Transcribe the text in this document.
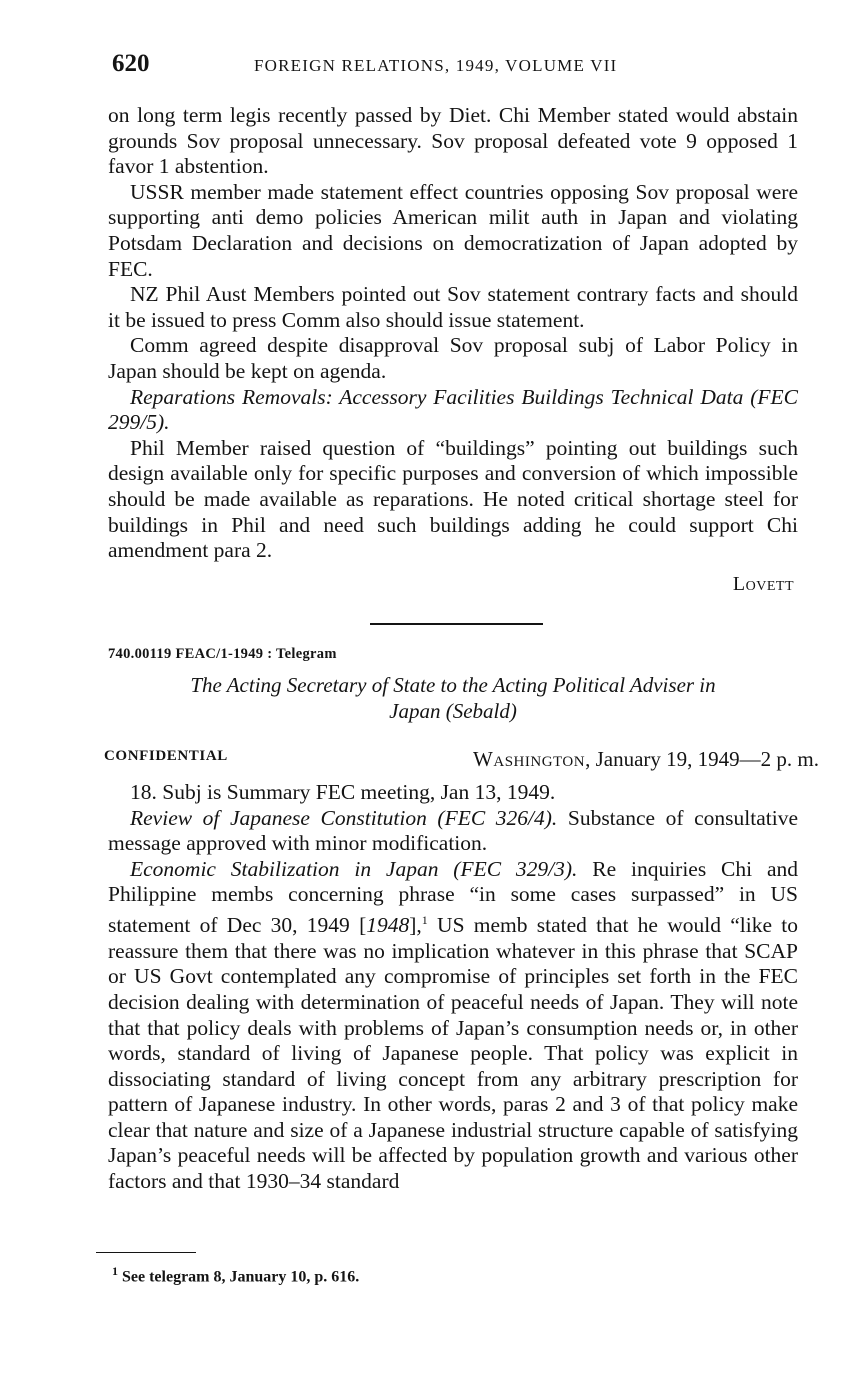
620	FOREIGN RELATIONS, 1949, VOLUME VII

on long term legis recently passed by Diet. Chi Member stated would abstain grounds Sov proposal unnecessary. Sov proposal defeated vote 9 opposed 1 favor 1 abstention.

USSR member made statement effect countries opposing Sov proposal were supporting anti demo policies American milit auth in Japan and violating Potsdam Declaration and decisions on democratization of Japan adopted by FEC.

NZ Phil Aust Members pointed out Sov statement contrary facts and should it be issued to press Comm also should issue statement.

Comm agreed despite disapproval Sov proposal subj of Labor Policy in Japan should be kept on agenda.

Reparations Removals: Accessory Facilities Buildings Technical Data (FEC 299/5).

Phil Member raised question of “buildings” pointing out buildings such design available only for specific purposes and conversion of which impossible should be made available as reparations. He noted critical shortage steel for buildings in Phil and need such buildings adding he could support Chi amendment para 2.

Lovett
740.00119 FEAC/1-1949 : Telegram
The Acting Secretary of State to the Acting Political Adviser in
Japan (Sebald)
CONFIDENTIAL	Washington, January 19, 1949—2 p. m.

18. Subj is Summary FEC meeting, Jan 13, 1949.

Review of Japanese Constitution (FEC 326/4). Substance of consultative message approved with minor modification.

Economic Stabilization in Japan (FEC 329/3). Re inquiries Chi and Philippine membs concerning phrase “in some cases surpassed” in US statement of Dec 30, 1949 [1948],$^1$ US memb stated that he would “like to reassure them that there was no implication whatever in this phrase that SCAP or US Govt contemplated any compromise of principles set forth in the FEC decision dealing with determination of peaceful needs of Japan. They will note that that policy deals with problems of Japan’s consumption needs or, in other words, standard of living of Japanese people. That policy was explicit in dissociating standard of living concept from any arbitrary prescription for pattern of Japanese industry. In other words, paras 2 and 3 of that policy make clear that nature and size of a Japanese industrial structure capable of satisfying Japan’s peaceful needs will be affected by population growth and various other factors and that 1930–34 standard

$^1$ See telegram 8, January 10, p. 616.
